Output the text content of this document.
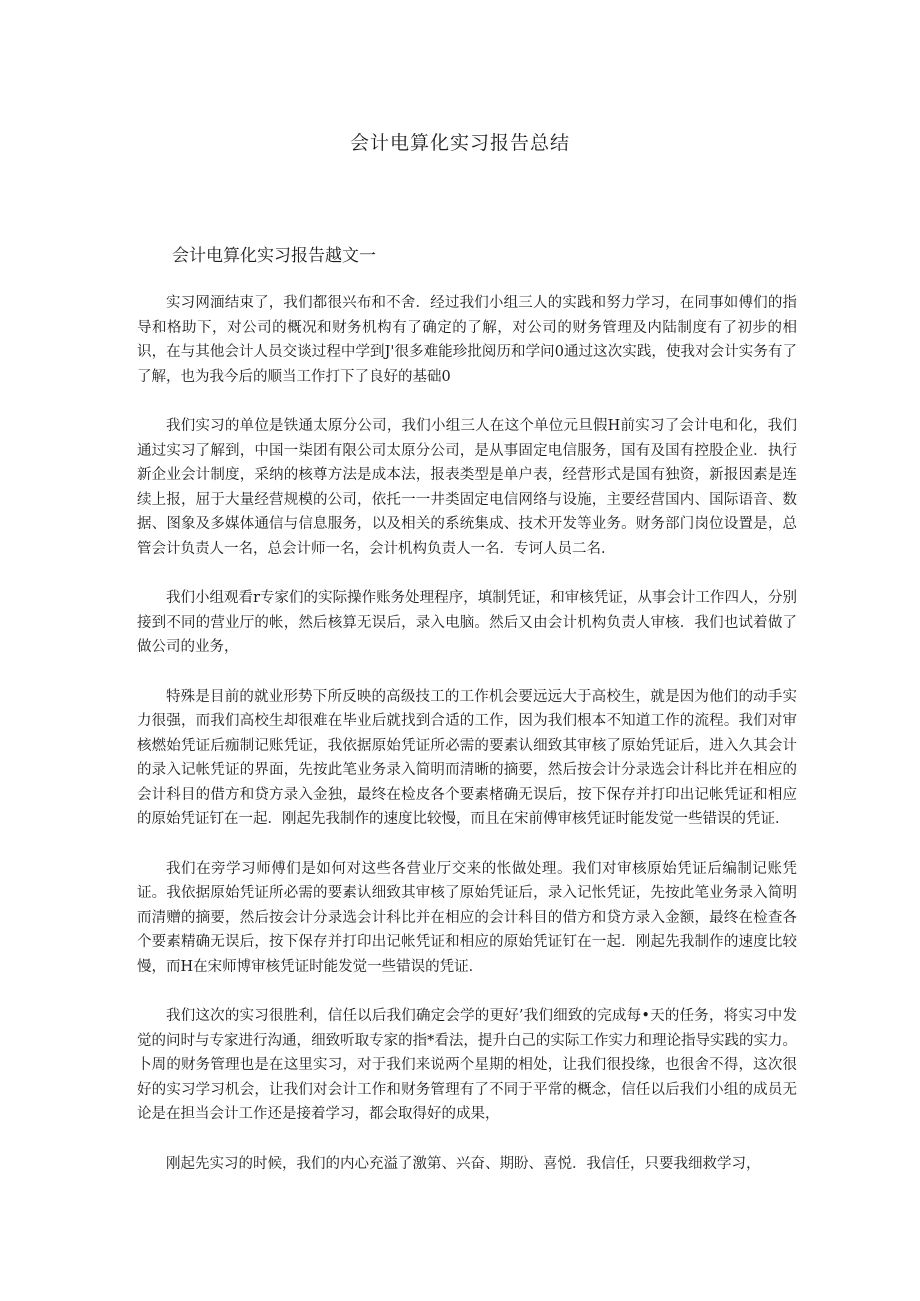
会计电算化实习报告总结
会计电算化实习报告越文一

实习网湎结束了，我们都很兴布和不舍．经过我们小组三人的实践和努力学习，在同事如傅们的指导和格助下，对公司的概况和财务机构有了确定的了解，对公司的财务管理及内陆制度有了初步的相识，在与其他会计人员交谈过程中学到J'很多难能珍批阅历和学问0通过这次实践，使我对会计实务有了了解，也为我今后的顺当工作打下了良好的基础0

我们实习的单位是铁通太原分公司，我们小组三人在这个单位元旦假H前实习了会计电和化，我们通过实习了解到，中国一柒团有限公司太原分公司，是从事固定电信服务，国有及国有控股企业．执行新企业会计制度，采纳的核尊方法是成本法，报表类型是单户表，经营形式是国有独资，新报因素是连续上报，屈于大量经营规模的公司，依托一一井类固定电信网络与设施，主要经营国内、国际语音、数据、图象及多媒体通信与信息服务，以及相关的系统集成、技术开发等业务。财务部门岗位设置是，总管会计负责人一名，总会计师一名，会计机构负责人一名．专诃人员二名．

我们小组观看r专家们的实际操作账务处理程序，填制凭证，和审核凭证，从事会计工作四人，分别接到不同的营业厅的帐，然后核算无误后，录入电脑。然后又由会计机构负责人审核．我们也试着做了做公司的业务，

特殊是目前的就业形势下所反映的高级技工的工作机会要远远大于高校生，就是因为他们的动手实力很强，而我们高校生却很难在毕业后就找到合适的工作，因为我们根本不知道工作的流程。我们对审核燃始凭证后痂制记账凭证，我依据原始凭证所必需的要素认细致其审核了原始凭证后，进入久其会计的录入记帐凭证的界面，先按此笔业务录入简明而清晰的摘要，然后按会计分录选会计科比并在相应的会计科目的借方和贷方录入金独，最终在检皮各个要素楮确无误后，按下保存并打印出记帐凭证和相应的原始凭证钉在一起．刚起先我制作的速度比较慢，而且在宋前傅审核凭证时能发觉一些错误的凭证．

我们在旁学习师傅们是如何对这些各营业厅交来的怅做处理。我们对审核原始凭证后编制记账凭证。我依据原始凭证所必需的要素认细致其审核了原始凭证后，录入记怅凭证，先按此笔业务录入简明而清赠的摘要，然后按会计分录选会计科比并在相应的会计科目的借方和贷方录入金额，最终在检查各个要素精确无误后，按下保存并打印出记帐凭证和相应的原始凭证钉在一起．刚起先我制作的速度比较慢，而H在宋师博审核凭证时能发觉一些错误的凭证．

我们这次的实习很胜利，信任以后我们确定会学的更好’我们细致的完成每•天的任务，将实习中发觉的问时与专家进行沟通，细致听取专家的指*看法，提升白己的实际工作实力和理论指导实践的实力。卜周的财务管理也是在这里实习，对于我们来说两个星期的相处，让我们很投缘，也很舍不得，这次很好的实习学习机会，让我们对会计工作和财务管理有了不同于平常的概念，信任以后我们小组的成员无论是在担当会计工作还是接着学习，都会取得好的成果，

刚起先实习的时候，我们的内心充溢了激第、兴奋、期盼、喜悦．我信任，只要我细救学习，
